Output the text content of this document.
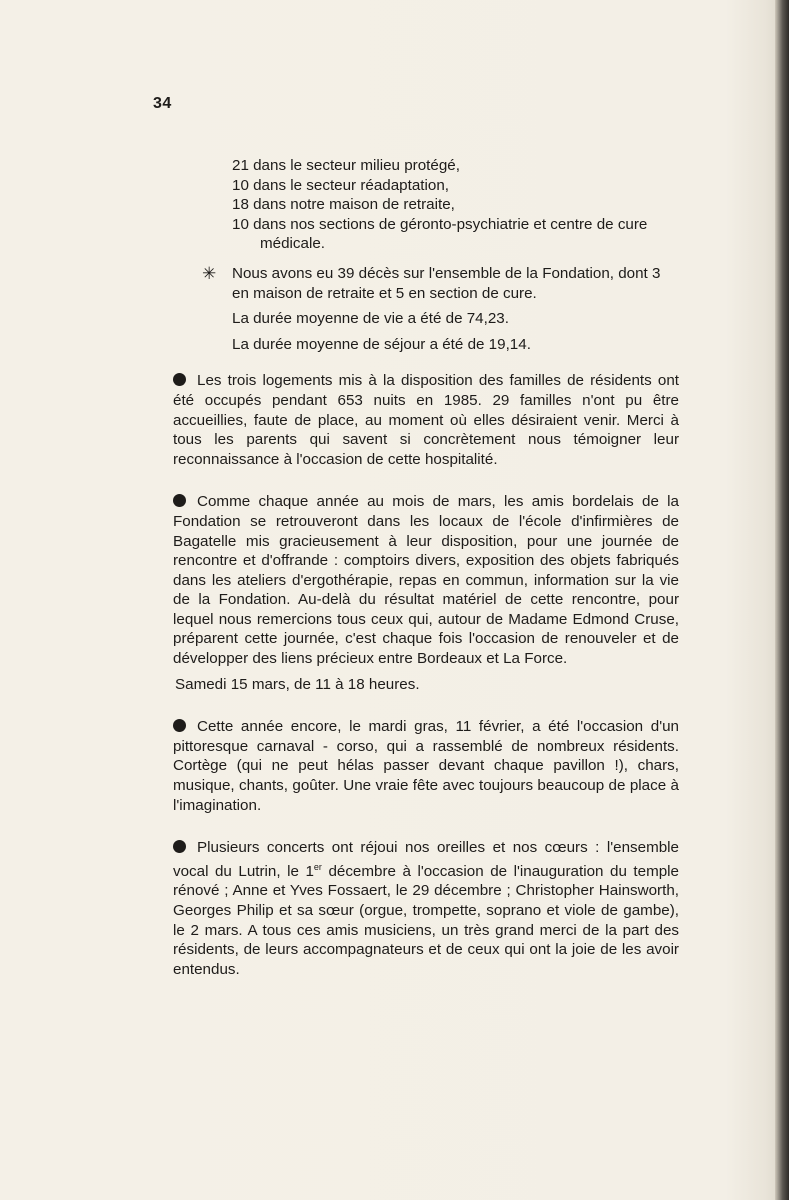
34
21 dans le secteur milieu protégé,
10 dans le secteur réadaptation,
18 dans notre maison de retraite,
10 dans nos sections de géronto-psychiatrie et centre de cure médicale.
✳ Nous avons eu 39 décès sur l'ensemble de la Fondation, dont 3 en maison de retraite et 5 en section de cure.

La durée moyenne de vie a été de 74,23.

La durée moyenne de séjour a été de 19,14.

Les trois logements mis à la disposition des familles de résidents ont été occupés pendant 653 nuits en 1985. 29 familles n'ont pu être accueillies, faute de place, au moment où elles désiraient venir. Merci à tous les parents qui savent si concrètement nous témoigner leur reconnaissance à l'occasion de cette hospitalité.

Comme chaque année au mois de mars, les amis bordelais de la Fondation se retrouveront dans les locaux de l'école d'infirmières de Bagatelle mis gracieusement à leur disposition, pour une journée de rencontre et d'offrande : comptoirs divers, exposition des objets fabriqués dans les ateliers d'ergothérapie, repas en commun, information sur la vie de la Fondation. Au-delà du résultat matériel de cette rencontre, pour lequel nous remercions tous ceux qui, autour de Madame Edmond Cruse, préparent cette journée, c'est chaque fois l'occasion de renouveler et de développer des liens précieux entre Bordeaux et La Force.

Samedi 15 mars, de 11 à 18 heures.

Cette année encore, le mardi gras, 11 février, a été l'occasion d'un pittoresque carnaval - corso, qui a rassemblé de nombreux résidents. Cortège (qui ne peut hélas passer devant chaque pavillon !), chars, musique, chants, goûter. Une vraie fête avec toujours beaucoup de place à l'imagination.

Plusieurs concerts ont réjoui nos oreilles et nos cœurs : l'ensemble vocal du Lutrin, le 1er décembre à l'occasion de l'inauguration du temple rénové ; Anne et Yves Fossaert, le 29 décembre ; Christopher Hainsworth, Georges Philip et sa sœur (orgue, trompette, soprano et viole de gambe), le 2 mars. A tous ces amis musiciens, un très grand merci de la part des résidents, de leurs accompagnateurs et de ceux qui ont la joie de les avoir entendus.
